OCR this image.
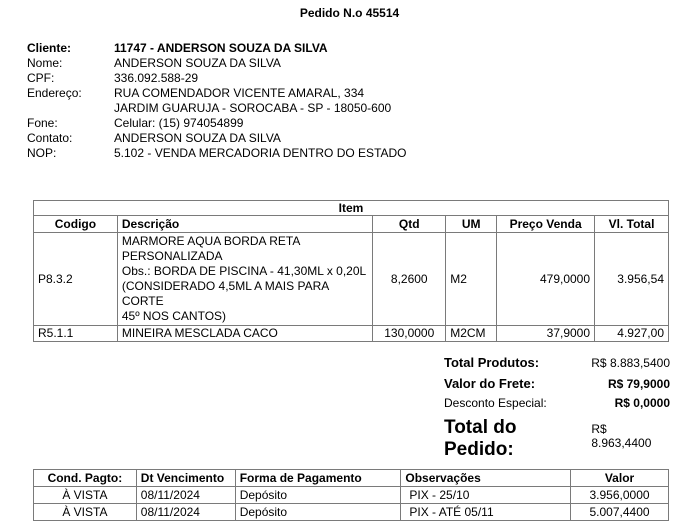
Pedido N.o 45514
Cliente:	11747 - ANDERSON SOUZA DA SILVA
Nome:	ANDERSON SOUZA DA SILVA
CPF:	336.092.588-29
Endereço:	RUA COMENDADOR VICENTE AMARAL, 334
JARDIM GUARUJA - SOROCABA - SP - 18050-600
Fone:	Celular: (15) 974054899
Contato:	ANDERSON SOUZA DA SILVA
NOP:	5.102 - VENDA MERCADORIA DENTRO DO ESTADO
Item					
Codigo	Descrição	Qtd	UM	Preço Venda	Vl. Total
P8.3.2	MARMORE AQUA BORDA RETA
PERSONALIZADA
Obs.: BORDA DE PISCINA - 41,30ML x 0,20L
(CONSIDERADO 4,5ML A MAIS PARA CORTE
45º NOS CANTOS)	8,2600	M2	479,0000	3.956,54
R5.1.1	MINEIRA MESCLADA CACO	130,0000	M2CM	37,9000	4.927,00
Total Produtos:	R$ 8.883,5400
Valor do Frete:	R$ 79,9000
Desconto Especial:	R$ 0,0000
Total do Pedido:
R$ 8.963,4400
Cond. Pagto:	Dt Vencimento	Forma de Pagamento	Observações	Valor
À VISTA	08/11/2024	Depósito	PIX - 25/10	3.956,0000
À VISTA	08/11/2024	Depósito	PIX - ATÉ 05/11	5.007,4400
